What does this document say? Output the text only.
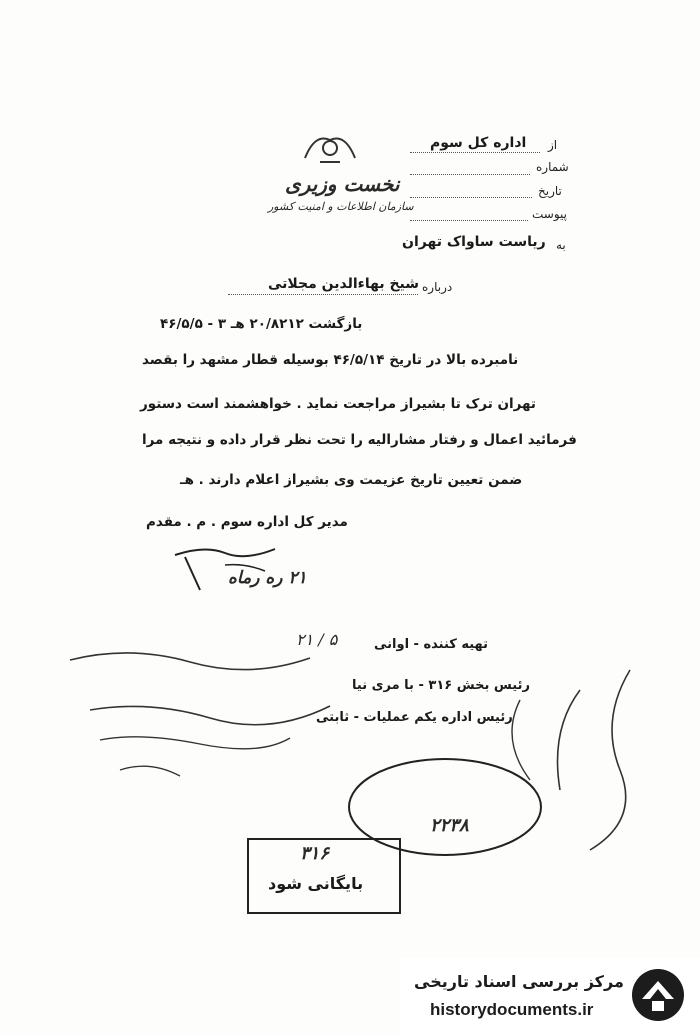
نخست وزیری
سازمان اطلاعات و امنیت کشور
از
اداره کل سوم
شماره
تاریخ
پیوست
به
ریاست ساواک تهران
درباره
شیخ بهاءالدین مجلاتی
بازگشت ۲۰/۸۲۱۲ هـ ۳ - ۴۶/۵/۵
نامبرده بالا در تاریخ ۴۶/۵/۱۴ بوسیله قطار مشهد را بقصد
تهران ترک تا بشیراز مراجعت نماید . خواهشمند است دستور
فرمائید اعمال و رفتار مشارالیه را تحت نظر قرار داده و نتیجه مرا
ضمن تعیین تاریخ عزیمت وی بشیراز اعلام دارند . هـ
مدیر کل اداره سوم . م . مقدم
۲۱ ره رماه
تهیه کننده - اوانی
۲۱ / ۵
رئیس بخش ۳۱۶ - با مری نیا
رئیس اداره یکم عملیات - ثابتی
۲۲۳۸
۳۱۶
بایگانی شود
مرکز بررسی اسناد تاریخی
historydocuments.ir
